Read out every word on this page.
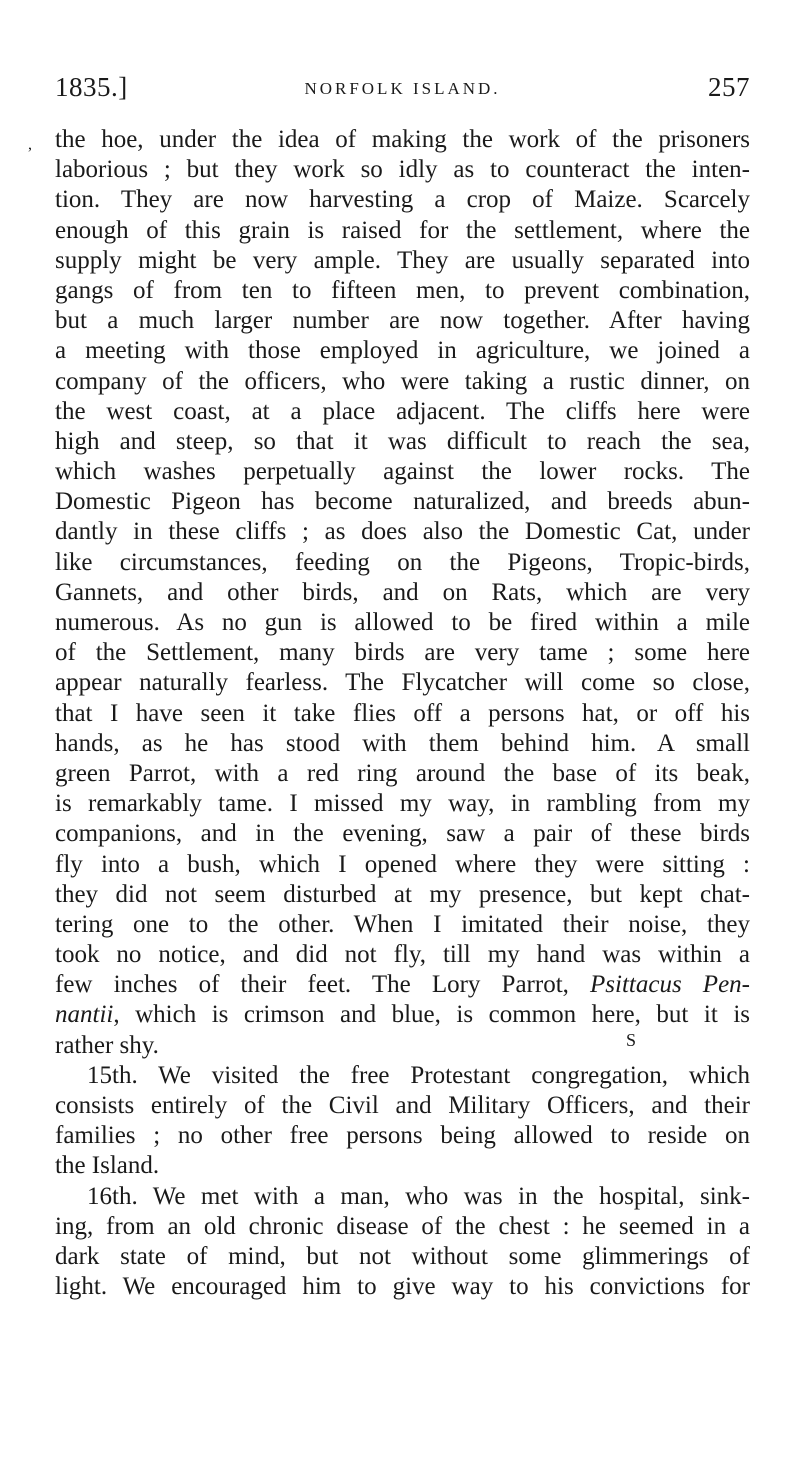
1835.]	NORFOLK ISLAND.	257
, the hoe, under the idea of making the work of the prisoners
laborious ; but they work so idly as to counteract the inten-
tion. They are now harvesting a crop of Maize. Scarcely
enough of this grain is raised for the settlement, where the
supply might be very ample. They are usually separated into
gangs of from ten to fifteen men, to prevent combination,
but a much larger number are now together. After having
a meeting with those employed in agriculture, we joined a
company of the officers, who were taking a rustic dinner, on
the west coast, at a place adjacent. The cliffs here were
high and steep, so that it was difficult to reach the sea,
which washes perpetually against the lower rocks. The
Domestic Pigeon has become naturalized, and breeds abun-
dantly in these cliffs ; as does also the Domestic Cat, under
like circumstances, feeding on the Pigeons, Tropic-birds,
Gannets, and other birds, and on Rats, which are very
numerous. As no gun is allowed to be fired within a mile
of the Settlement, many birds are very tame ; some here
appear naturally fearless. The Flycatcher will come so close,
that I have seen it take flies off a persons hat, or off his
hands, as he has stood with them behind him. A small
green Parrot, with a red ring around the base of its beak,
is remarkably tame. I missed my way, in rambling from my
companions, and in the evening, saw a pair of these birds
fly into a bush, which I opened where they were sitting :
they did not seem disturbed at my presence, but kept chat-
tering one to the other. When I imitated their noise, they
took no notice, and did not fly, till my hand was within a
few inches of their feet. The Lory Parrot, Psittacus Pen-
nantii, which is crimson and blue, is common here, but it is
rather shy.
15th. We visited the free Protestant congregation, which
consists entirely of the Civil and Military Officers, and their
families ; no other free persons being allowed to reside on
the Island.
16th. We met with a man, who was in the hospital, sink-
ing, from an old chronic disease of the chest : he seemed in a
dark state of mind, but not without some glimmerings of
light. We encouraged him to give way to his convictions for
S
